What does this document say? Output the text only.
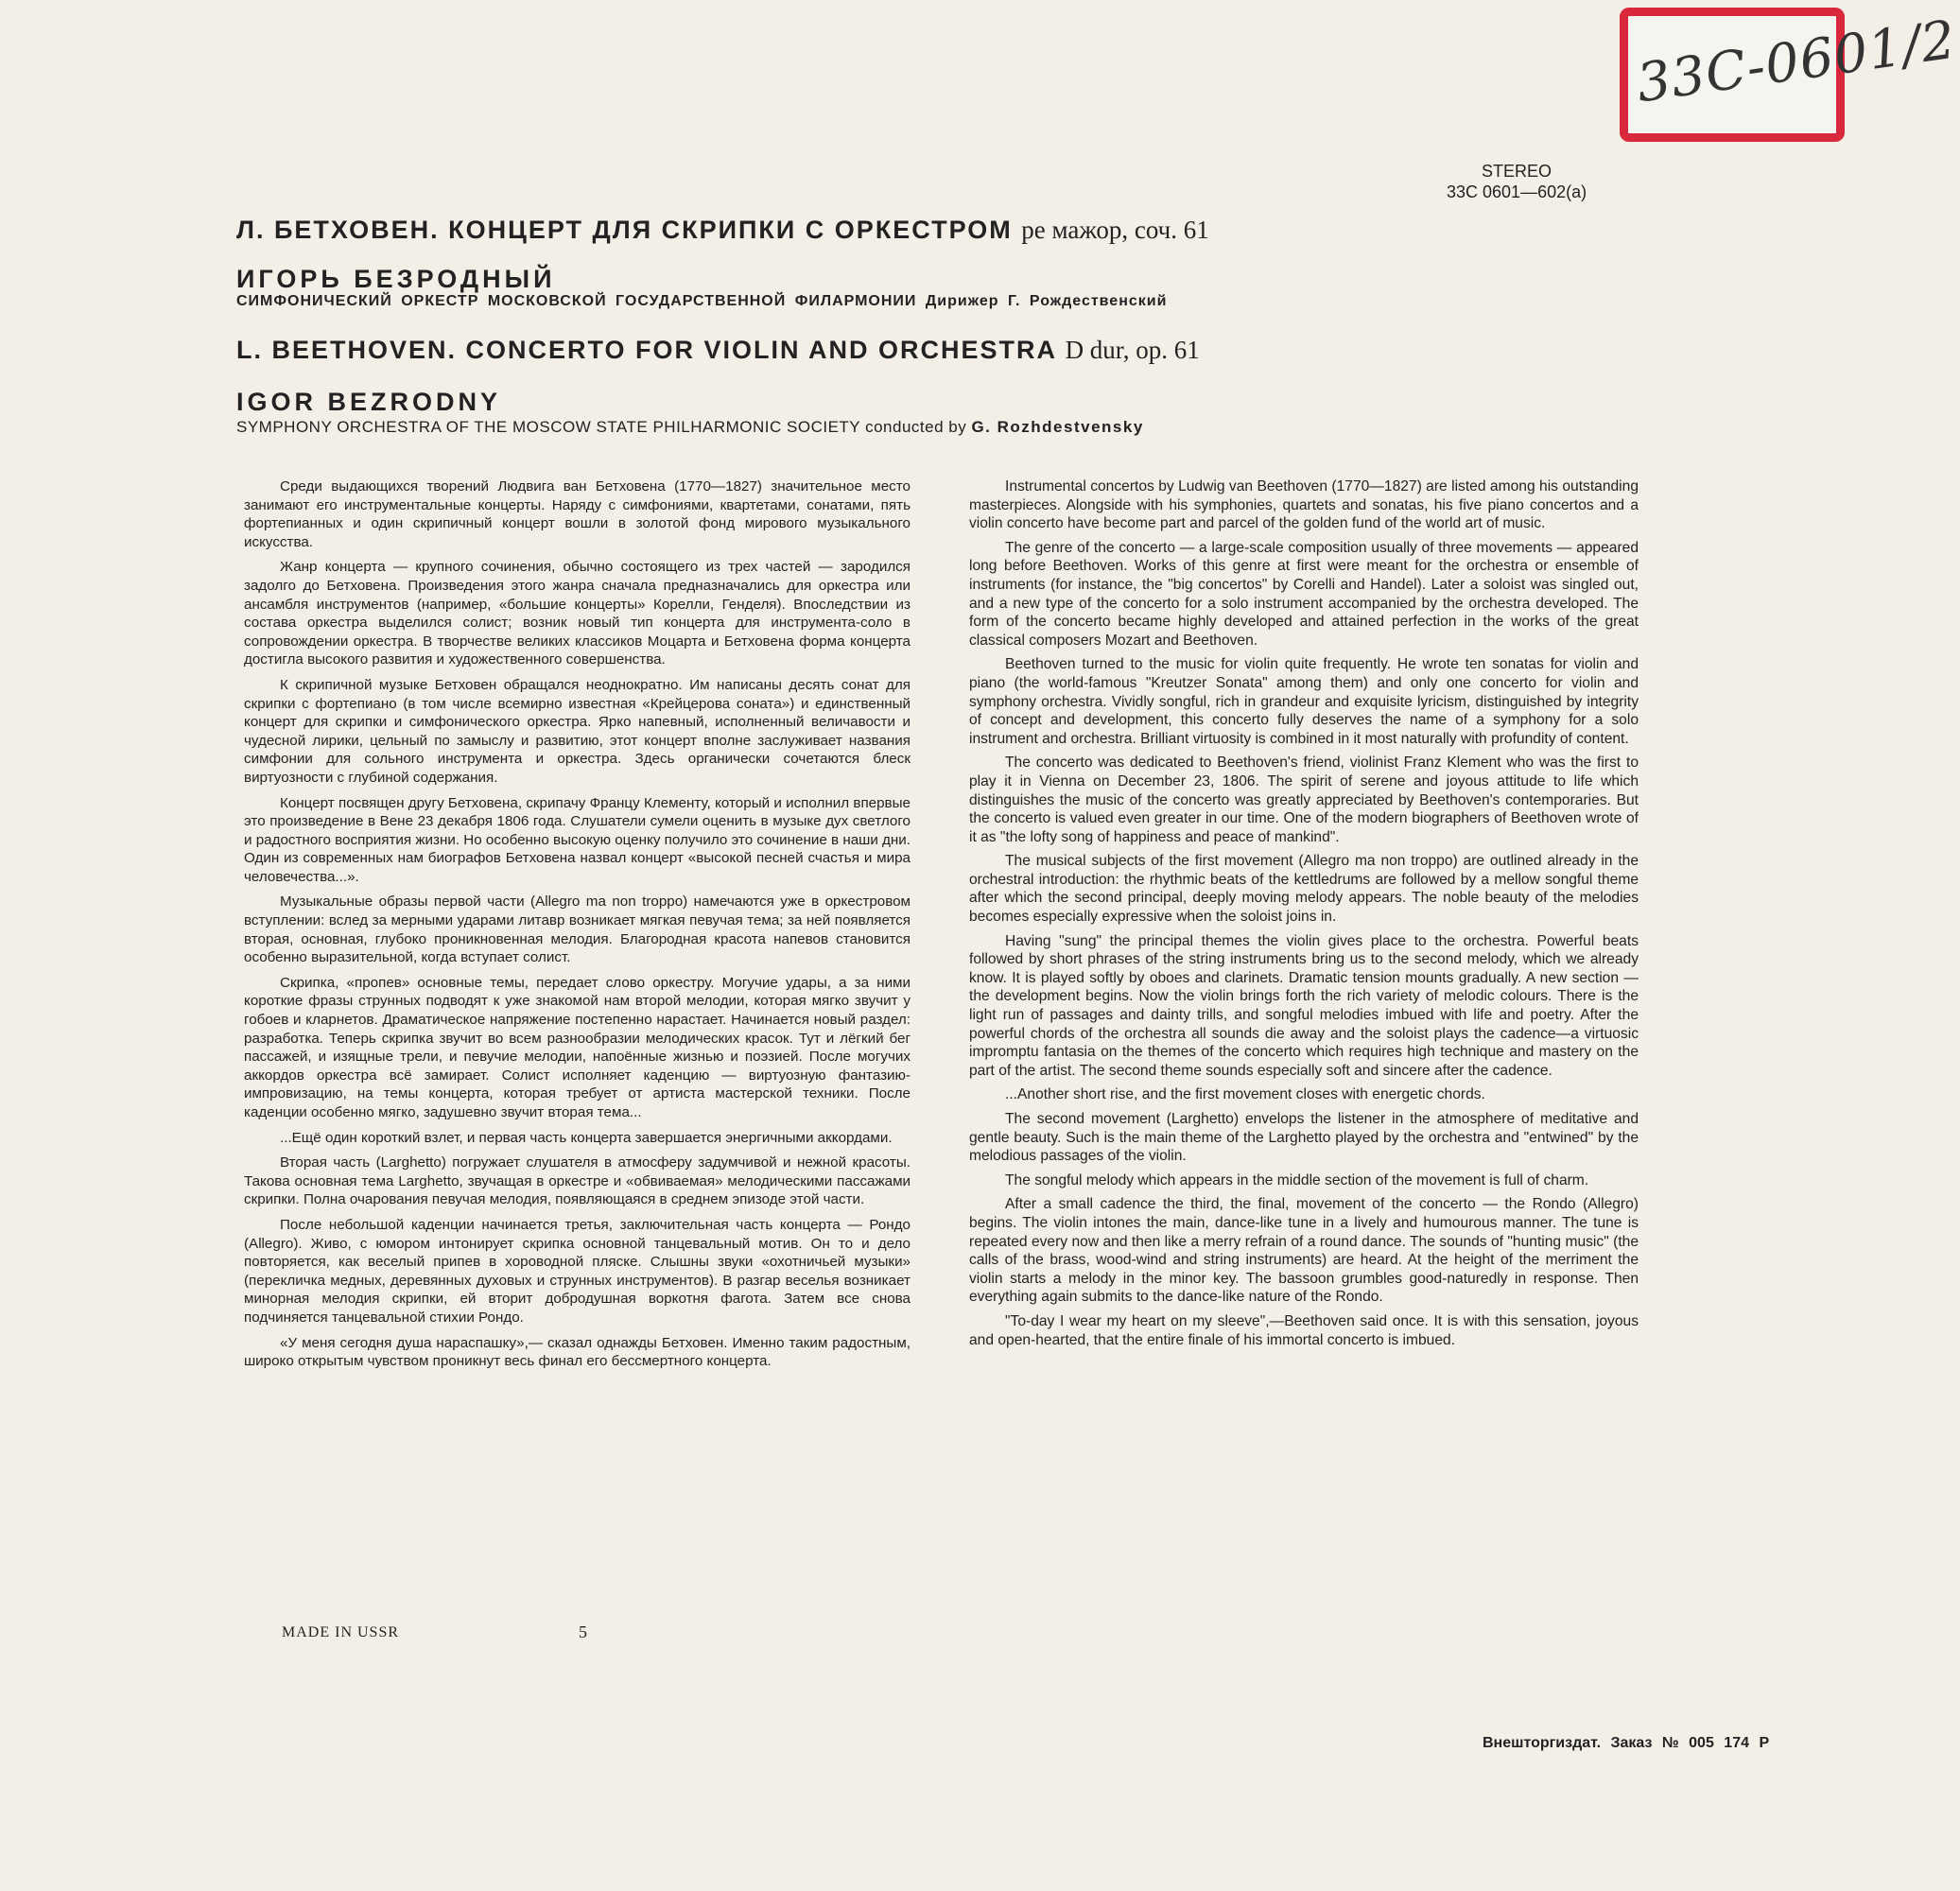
33C-0601/2
STEREO
33C 0601—602(a)
Л. БЕТХОВЕН. КОНЦЕРТ ДЛЯ СКРИПКИ С ОРКЕСТРОМ ре мажор, соч. 61
ИГОРЬ БЕЗРОДНЫЙ
СИМФОНИЧЕСКИЙ ОРКЕСТР МОСКОВСКОЙ ГОСУДАРСТВЕННОЙ ФИЛАРМОНИИ Дирижер Г. Рождественский
L. BEETHOVEN. CONCERTO FOR VIOLIN AND ORCHESTRA D dur, op. 61
IGOR BEZRODNY
SYMPHONY ORCHESTRA OF THE MOSCOW STATE PHILHARMONIC SOCIETY conducted by G. Rozhdestvensky

Среди выдающихся творений Людвига ван Бетховена (1770—1827) значительное место занимают его инструментальные концерты. Наряду с симфониями, квартетами, сонатами, пять фортепианных и один скрипичный концерт вошли в золотой фонд мирового музыкального искусства.

Жанр концерта — крупного сочинения, обычно состоящего из трех частей — зародился задолго до Бетховена. Произведения этого жанра сначала предназначались для оркестра или ансамбля инструментов (например, «большие концерты» Корелли, Генделя). Впоследствии из состава оркестра выделился солист; возник новый тип концерта для инструмента-соло в сопровождении оркестра. В творчестве великих классиков Моцарта и Бетховена форма концерта достигла высокого развития и художественного совершенства.

К скрипичной музыке Бетховен обращался неоднократно. Им написаны десять сонат для скрипки с фортепиано (в том числе всемирно известная «Крейцерова соната») и единственный концерт для скрипки и симфонического оркестра. Ярко напевный, исполненный величавости и чудесной лирики, цельный по замыслу и развитию, этот концерт вполне заслуживает названия симфонии для сольного инструмента и оркестра. Здесь органически сочетаются блеск виртуозности с глубиной содержания.

Концерт посвящен другу Бетховена, скрипачу Францу Клементу, который и исполнил впервые это произведение в Вене 23 декабря 1806 года. Слушатели сумели оценить в музыке дух светлого и радостного восприятия жизни. Но особенно высокую оценку получило это сочинение в наши дни. Один из современных нам биографов Бетховена назвал концерт «высокой песней счастья и мира человечества...».

Музыкальные образы первой части (Allegro ma non troppo) намечаются уже в оркестровом вступлении: вслед за мерными ударами литавр возникает мягкая певучая тема; за ней появляется вторая, основная, глубоко проникновенная мелодия. Благородная красота напевов становится особенно выразительной, когда вступает солист.

Скрипка, «пропев» основные темы, передает слово оркестру. Могучие удары, а за ними короткие фразы струнных подводят к уже знакомой нам второй мелодии, которая мягко звучит у гобоев и кларнетов. Драматическое напряжение постепенно нарастает. Начинается новый раздел: разработка. Теперь скрипка звучит во всем разнообразии мелодических красок. Тут и лёгкий бег пассажей, и изящные трели, и певучие мелодии, напоённые жизнью и поэзией. После могучих аккордов оркестра всё замирает. Солист исполняет каденцию — виртуозную фантазию-импровизацию, на темы концерта, которая требует от артиста мастерской техники. После каденции особенно мягко, задушевно звучит вторая тема...

...Ещё один короткий взлет, и первая часть концерта завершается энергичными аккордами.

Вторая часть (Larghetto) погружает слушателя в атмосферу задумчивой и нежной красоты. Такова основная тема Larghetto, звучащая в оркестре и «обвиваемая» мелодическими пассажами скрипки. Полна очарования певучая мелодия, появляющаяся в среднем эпизоде этой части.

После небольшой каденции начинается третья, заключительная часть концерта — Рондо (Allegro). Живо, с юмором интонирует скрипка основной танцевальный мотив. Он то и дело повторяется, как веселый припев в хороводной пляске. Слышны звуки «охотничьей музыки» (перекличка медных, деревянных духовых и струнных инструментов). В разгар веселья возникает минорная мелодия скрипки, ей вторит добродушная воркотня фагота. Затем все снова подчиняется танцевальной стихии Рондо.

«У меня сегодня душа нараспашку»,— сказал однажды Бетховен. Именно таким радостным, широко открытым чувством проникнут весь финал его бессмертного концерта.

Instrumental concertos by Ludwig van Beethoven (1770—1827) are listed among his outstanding masterpieces. Alongside with his symphonies, quartets and sonatas, his five piano concertos and a violin concerto have become part and parcel of the golden fund of the world art of music.

The genre of the concerto — a large-scale composition usually of three movements — appeared long before Beethoven. Works of this genre at first were meant for the orchestra or ensemble of instruments (for instance, the "big concertos" by Corelli and Handel). Later a soloist was singled out, and a new type of the concerto for a solo instrument accompanied by the orchestra developed. The form of the concerto became highly developed and attained perfection in the works of the great classical composers Mozart and Beethoven.

Beethoven turned to the music for violin quite frequently. He wrote ten sonatas for violin and piano (the world-famous "Kreutzer Sonata" among them) and only one concerto for violin and symphony orchestra. Vividly songful, rich in grandeur and exquisite lyricism, distinguished by integrity of concept and development, this concerto fully deserves the name of a symphony for a solo instrument and orchestra. Brilliant virtuosity is combined in it most naturally with profundity of content.

The concerto was dedicated to Beethoven's friend, violinist Franz Klement who was the first to play it in Vienna on December 23, 1806. The spirit of serene and joyous attitude to life which distinguishes the music of the concerto was greatly appreciated by Beethoven's contemporaries. But the concerto is valued even greater in our time. One of the modern biographers of Beethoven wrote of it as "the lofty song of happiness and peace of mankind".

The musical subjects of the first movement (Allegro ma non troppo) are outlined already in the orchestral introduction: the rhythmic beats of the kettledrums are followed by a mellow songful theme after which the second principal, deeply moving melody appears. The noble beauty of the melodies becomes especially expressive when the soloist joins in.

Having "sung" the principal themes the violin gives place to the orchestra. Powerful beats followed by short phrases of the string instruments bring us to the second melody, which we already know. It is played softly by oboes and clarinets. Dramatic tension mounts gradually. A new section — the development begins. Now the violin brings forth the rich variety of melodic colours. There is the light run of passages and dainty trills, and songful melodies imbued with life and poetry. After the powerful chords of the orchestra all sounds die away and the soloist plays the cadence—a virtuosic impromptu fantasia on the themes of the concerto which requires high technique and mastery on the part of the artist. The second theme sounds especially soft and sincere after the cadence.

...Another short rise, and the first movement closes with energetic chords.

The second movement (Larghetto) envelops the listener in the atmosphere of meditative and gentle beauty. Such is the main theme of the Larghetto played by the orchestra and "entwined" by the melodious passages of the violin.

The songful melody which appears in the middle section of the movement is full of charm.

After a small cadence the third, the final, movement of the concerto — the Rondo (Allegro) begins. The violin intones the main, dance-like tune in a lively and humourous manner. The tune is repeated every now and then like a merry refrain of a round dance. The sounds of "hunting music" (the calls of the brass, wood-wind and string instruments) are heard. At the height of the merriment the violin starts a melody in the minor key. The bassoon grumbles good-naturedly in response. Then everything again submits to the dance-like nature of the Rondo.

"To-day I wear my heart on my sleeve",—Beethoven said once. It is with this sensation, joyous and open-hearted, that the entire finale of his immortal concerto is imbued.

MADE IN USSR	5
Внешторгиздат. Заказ № 005 174 Р
